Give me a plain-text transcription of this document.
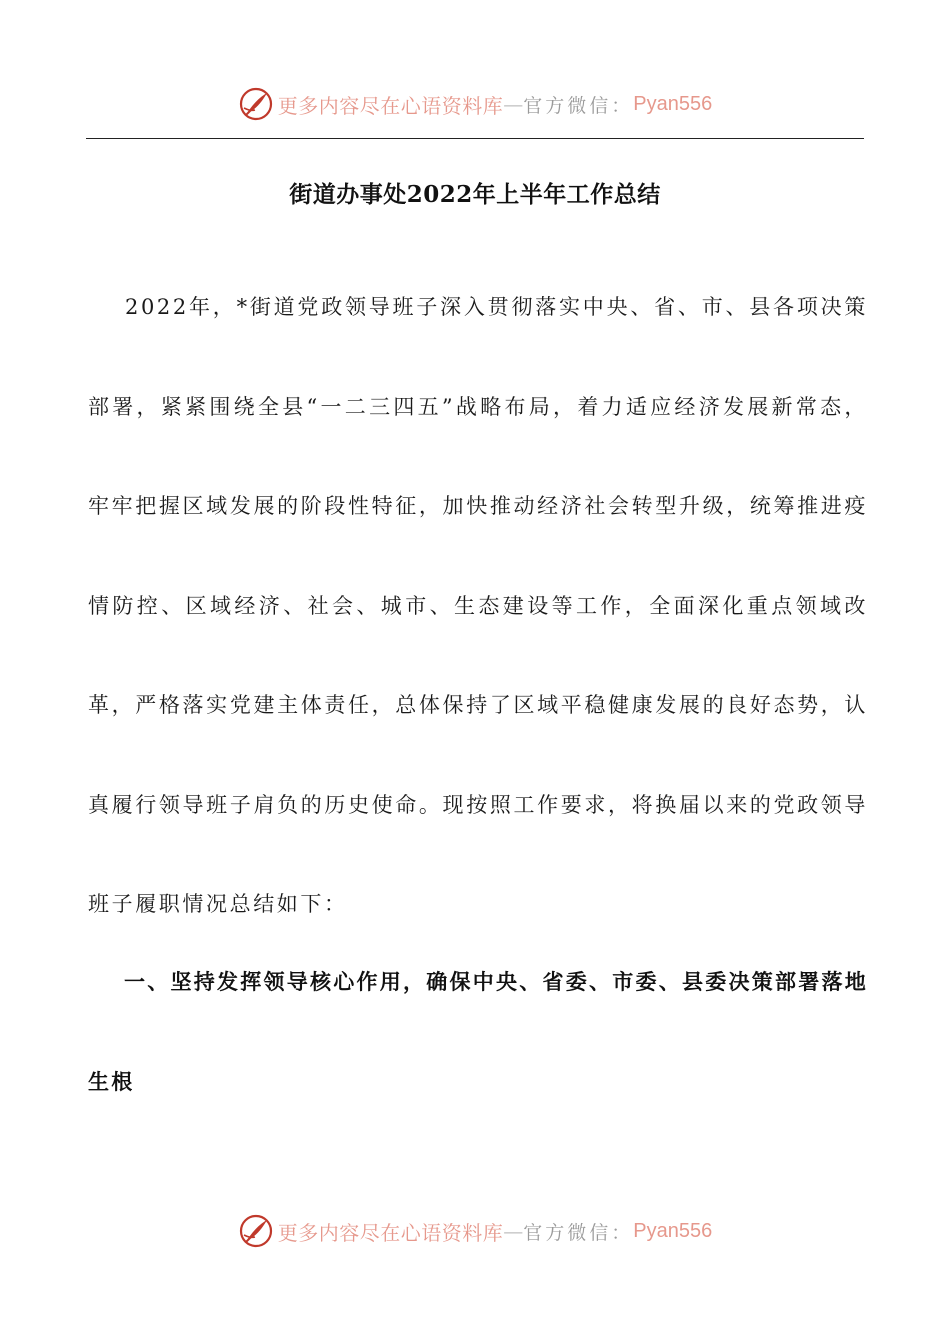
更多内容尽在心语资料库 — 官方微信： Pyan556
街道办事处2022年上半年工作总结

2022年，*街道党政领导班子深入贯彻落实中央、省、市、县各项决策部署，紧紧围绕全县“一二三四五”战略布局，着力适应经济发展新常态，牢牢把握区域发展的阶段性特征，加快推动经济社会转型升级，统筹推进疫情防控、区域经济、社会、城市、生态建设等工作，全面深化重点领域改革，严格落实党建主体责任，总体保持了区域平稳健康发展的良好态势，认真履行领导班子肩负的历史使命。现按照工作要求，将换届以来的党政领导班子履职情况总结如下：

一、坚持发挥领导核心作用，确保中央、省委、市委、县委决策部署落地生根

更多内容尽在心语资料库 — 官方微信： Pyan556
